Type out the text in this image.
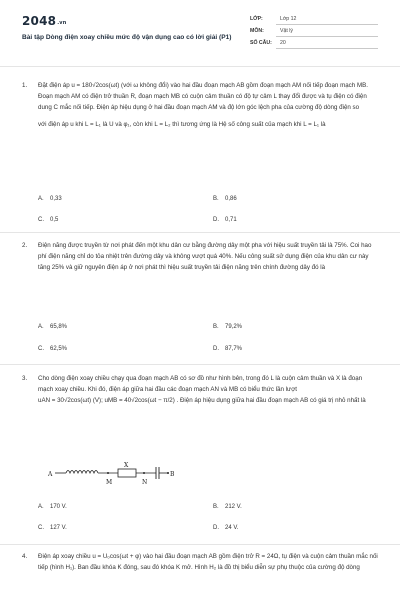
2048.vn
Bài tập Dòng điện xoay chiều mức độ vận dụng cao có lời giải (P1)
LỚP:	Lớp 12
MÔN:	Vật lý
SỐ CÂU: 20
1. Đặt điện áp u = 180√2cos(ωt) (với ω không đổi) vào hai đầu đoạn mạch AB gồm đoạn mạch AM nối tiếp đoạn mạch MB. Đoạn mạch AM có điện trở thuần R, đoạn mạch MB có cuộn cảm thuần có độ tự cảm L thay đổi được và tụ điện có điện dung C mắc nối tiếp. Điện áp hiệu dụng ở hai đầu đoạn mạch AM và độ lớn góc lệch pha của cường độ dòng điện so

với điện áp u khi L = L₁ là U và φ₁, còn khi L = L₂ thì tương ứng là Hệ số công suất của mạch khi L = L₁ là

A. 0,33	B. 0,86
C. 0,5	D. 0,71
2. Điện năng được truyền từ nơi phát đến một khu dân cư bằng đường dây một pha với hiệu suất truyền tải là 75%. Coi hao phí điện năng chỉ do tỏa nhiệt trên đường dây và không vượt quá 40%. Nếu công suất sử dụng điện của khu dân cư này tăng 25% và giữ nguyên điện áp ở nơi phát thì hiệu suất truyền tải điện năng trên chính đường dây đó là

A. 65,8%	B. 79,2%
C. 62,5%	D. 87,7%
3. Cho dòng điện xoay chiều chạy qua đoạn mạch AB có sơ đồ như hình bên, trong đó L là cuộn cảm thuần và X là đoạn mạch xoay chiều. Khi đó, điện áp giữa hai đầu các đoạn mạch AN và MB có biểu thức lần lượt

uAN = 30√2cos(ωt) (V); uMB = 40√2cos(ωt − π/2) . Điện áp hiệu dụng giữa hai đầu đoạn mạch AB có giá trị nhỏ nhất là

A
M
X
N
B
A. 170 V.	B. 212 V.
C. 127 V.	D. 24 V.
4. Điện áp xoay chiều u = U₀cos(ωt + φ) vào hai đầu đoạn mạch AB gồm điện trở R = 24Ω, tụ điện và cuộn cảm thuần mắc nối tiếp (hình H₁). Ban đầu khóa K đóng, sau đó khóa K mở. Hình H₂ là đồ thị biểu diễn sự phụ thuộc của cường độ dòng
